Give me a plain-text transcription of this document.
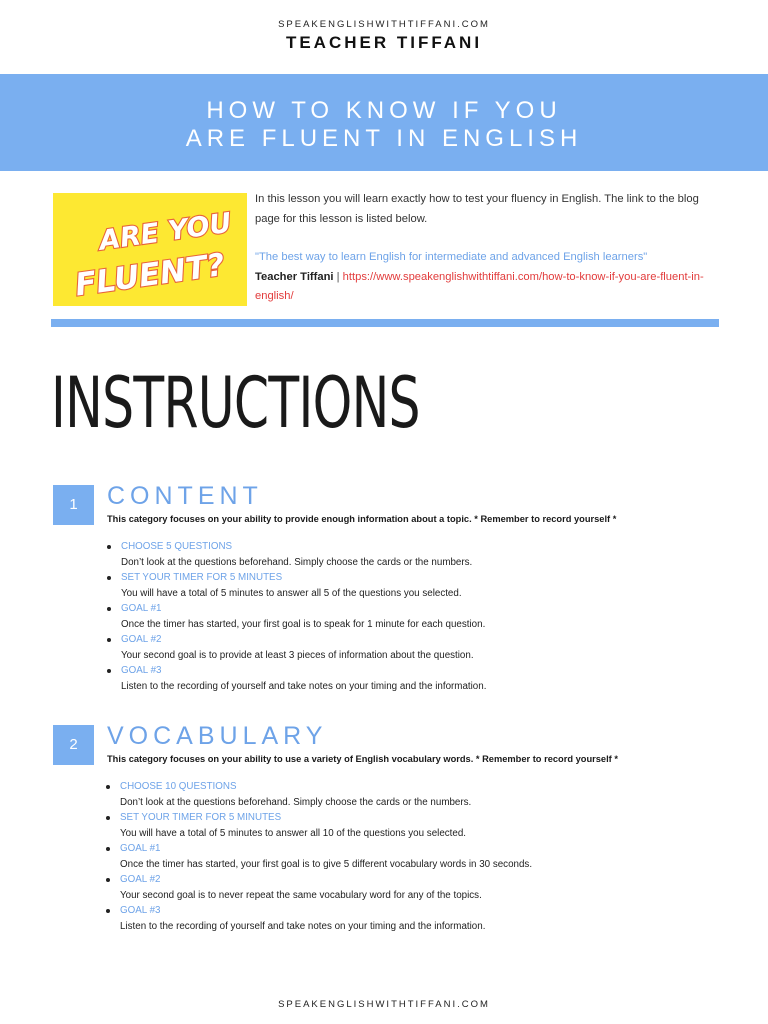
SPEAKENGLISHWITHTIFFANI.COM
TEACHER TIFFANI
HOW TO KNOW IF YOU
ARE FLUENT IN ENGLISH
ARE YOU
FLUENT?

In this lesson you will learn exactly how to test your fluency in English. The link to the blog page for this lesson is listed below.

"The best way to learn English for intermediate and advanced English learners"

Teacher Tiffani | https://www.speakenglishwithtiffani.com/how-to-know-if-you-are-fluent-in-english/

INSTRUCTIONS
1	CONTENT
This category focuses on your ability to provide enough information about a topic. * Remember to record yourself *
CHOOSE 5 QUESTIONS
Don’t look at the questions beforehand. Simply choose the cards or the numbers.
SET YOUR TIMER FOR 5 MINUTES
You will have a total of 5 minutes to answer all 5 of the questions you selected.
GOAL #1
Once the timer has started, your first goal is to speak for 1 minute for each question.
GOAL #2
Your second goal is to provide at least 3 pieces of information about the question.
GOAL #3
Listen to the recording of yourself and take notes on your timing and the information.
2	VOCABULARY
This category focuses on your ability to use a variety of English vocabulary words. * Remember to record yourself *
CHOOSE 10 QUESTIONS
Don’t look at the questions beforehand. Simply choose the cards or the numbers.
SET YOUR TIMER FOR 5 MINUTES
You will have a total of 5 minutes to answer all 10 of the questions you selected.
GOAL #1
Once the timer has started, your first goal is to give 5 different vocabulary words in 30 seconds.
GOAL #2
Your second goal is to never repeat the same vocabulary word for any of the topics.
GOAL #3
Listen to the recording of yourself and take notes on your timing and the information.
SPEAKENGLISHWITHTIFFANI.COM
